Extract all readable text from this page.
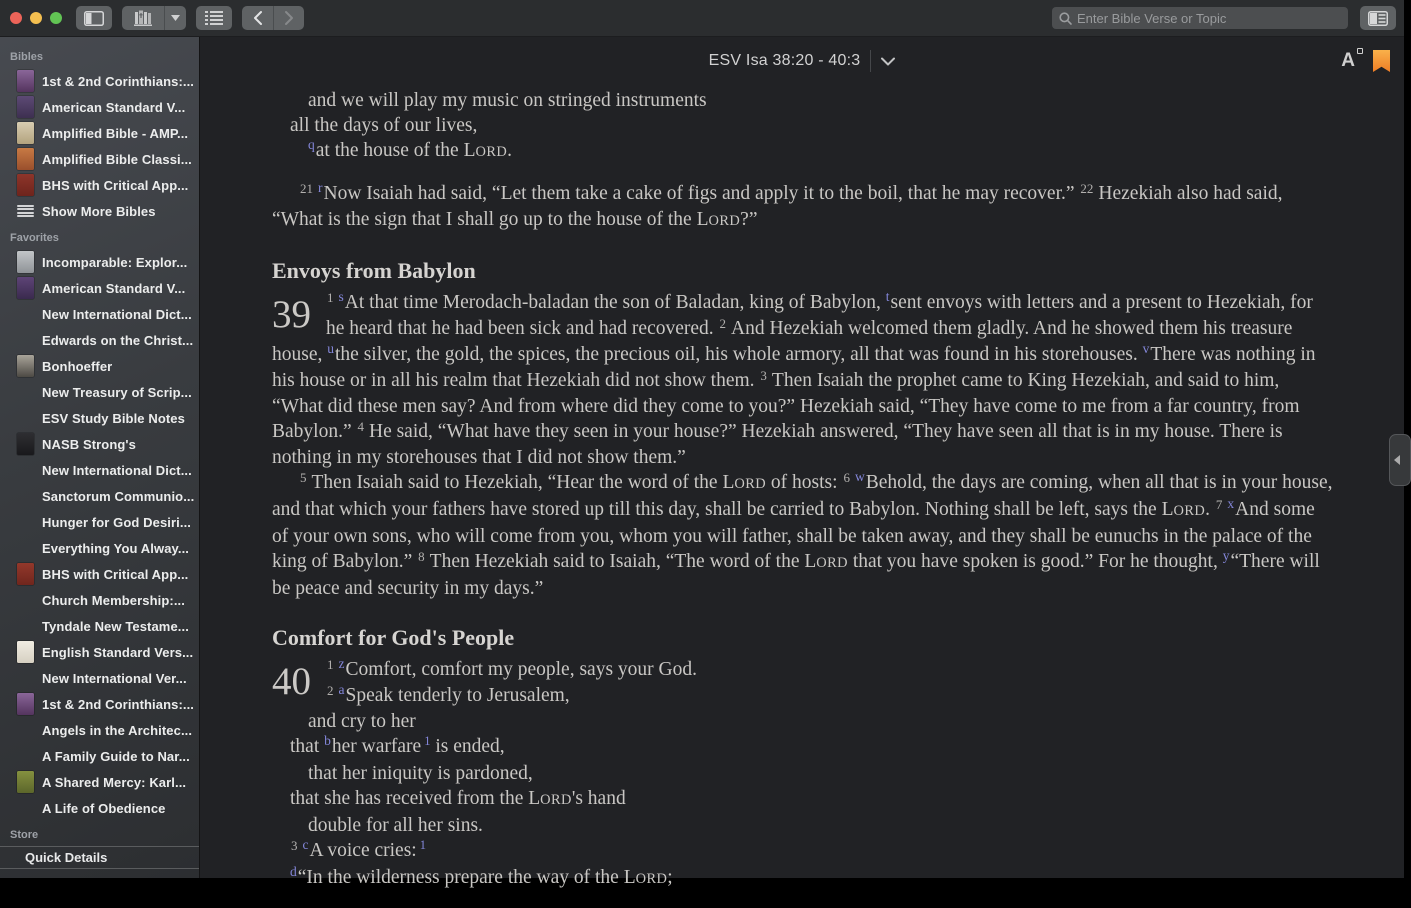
Enter Bible Verse or Topic
Bibles
1st & 2nd Corinthians:...
American Standard V...
Amplified Bible - AMP...
Amplified Bible Classi...
BHS with Critical App...
Show More Bibles
Favorites
Incomparable: Explor...
American Standard V...
New International Dict...
Edwards on the Christ...
Bonhoeffer
New Treasury of Scrip...
ESV Study Bible Notes
NASB Strong's
New International Dict...
Sanctorum Communio...
Hunger for God Desiri...
Everything You Alway...
BHS with Critical App...
Church Membership:...
Tyndale New Testame...
English Standard Vers...
New International Ver...
1st & 2nd Corinthians:...
Angels in the Architec...
A Family Guide to Nar...
A Shared Mercy: Karl...
A Life of Obedience
Store
Quick Details
ESV Isa 38:20 - 40:3	A
and we will play my music on stringed instruments
all the days of our lives,
$^q$at the house of the LORD.

$^{21}$ $^r$Now Isaiah had said, “Let them take a cake of figs and apply it to the boil, that he may recover.” $^{22}$ Hezekiah also had said, “What is the sign that I shall go up to the house of the LORD?”

Envoys from Babylon
39	$^1$ $^s$At that time Merodach-baladan the son of Baladan, king of Babylon, $^t$sent envoys with letters and a present to Hezekiah, for he heard that he had been sick and had recovered. $^2$ And Hezekiah welcomed them gladly. And he showed them his treasure house, $^u$the silver, the gold, the spices, the precious oil, his whole armory, all that was found in his storehouses. $^v$There was nothing in his house or in all his realm that Hezekiah did not show them. $^3$ Then Isaiah the prophet came to King Hezekiah, and said to him, “What did these men say? And from where did they come to you?” Hezekiah said, “They have come to me from a far country, from Babylon.” $^4$ He said, “What have they seen in your house?” Hezekiah answered, “They have seen all that is in my house. There is nothing in my storehouses that I did not show them.”

$^5$ Then Isaiah said to Hezekiah, “Hear the word of the LORD of hosts: $^6$ $^w$Behold, the days are coming, when all that is in your house, and that which your fathers have stored up till this day, shall be carried to Babylon. Nothing shall be left, says the LORD. $^7$ $^x$And some of your own sons, who will come from you, whom you will father, shall be taken away, and they shall be eunuchs in the palace of the king of Babylon.” $^8$ Then Hezekiah said to Isaiah, “The word of the LORD that you have spoken is good.” For he thought, $^y$“There will be peace and security in my days.”

Comfort for God's People
40	$^1$ $^z$Comfort, comfort my people, says your God.
$^2$ $^a$Speak tenderly to Jerusalem,
and cry to her
that $^b$her warfare $^1$ is ended,
that her iniquity is pardoned,
that she has received from the LORD's hand
double for all her sins.
$^3$ $^c$A voice cries: $^1$
$^d$“In the wilderness prepare the way of the LORD;
